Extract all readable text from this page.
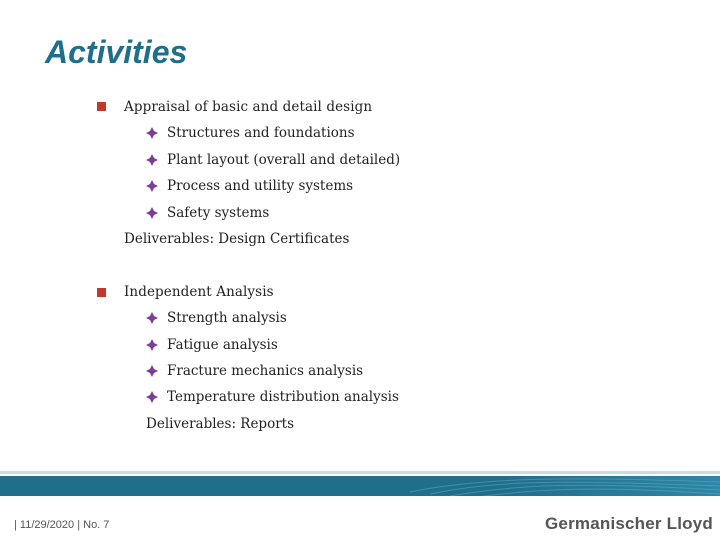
Activities
Appraisal of basic and detail design
Structures and foundations
Plant layout (overall and detailed)
Process and utility systems
Safety systems
Deliverables: Design Certificates
Independent Analysis
Strength analysis
Fatigue analysis
Fracture mechanics analysis
Temperature distribution analysis
Deliverables: Reports
| 11/29/2020 | No. 7	Germanischer Lloyd
